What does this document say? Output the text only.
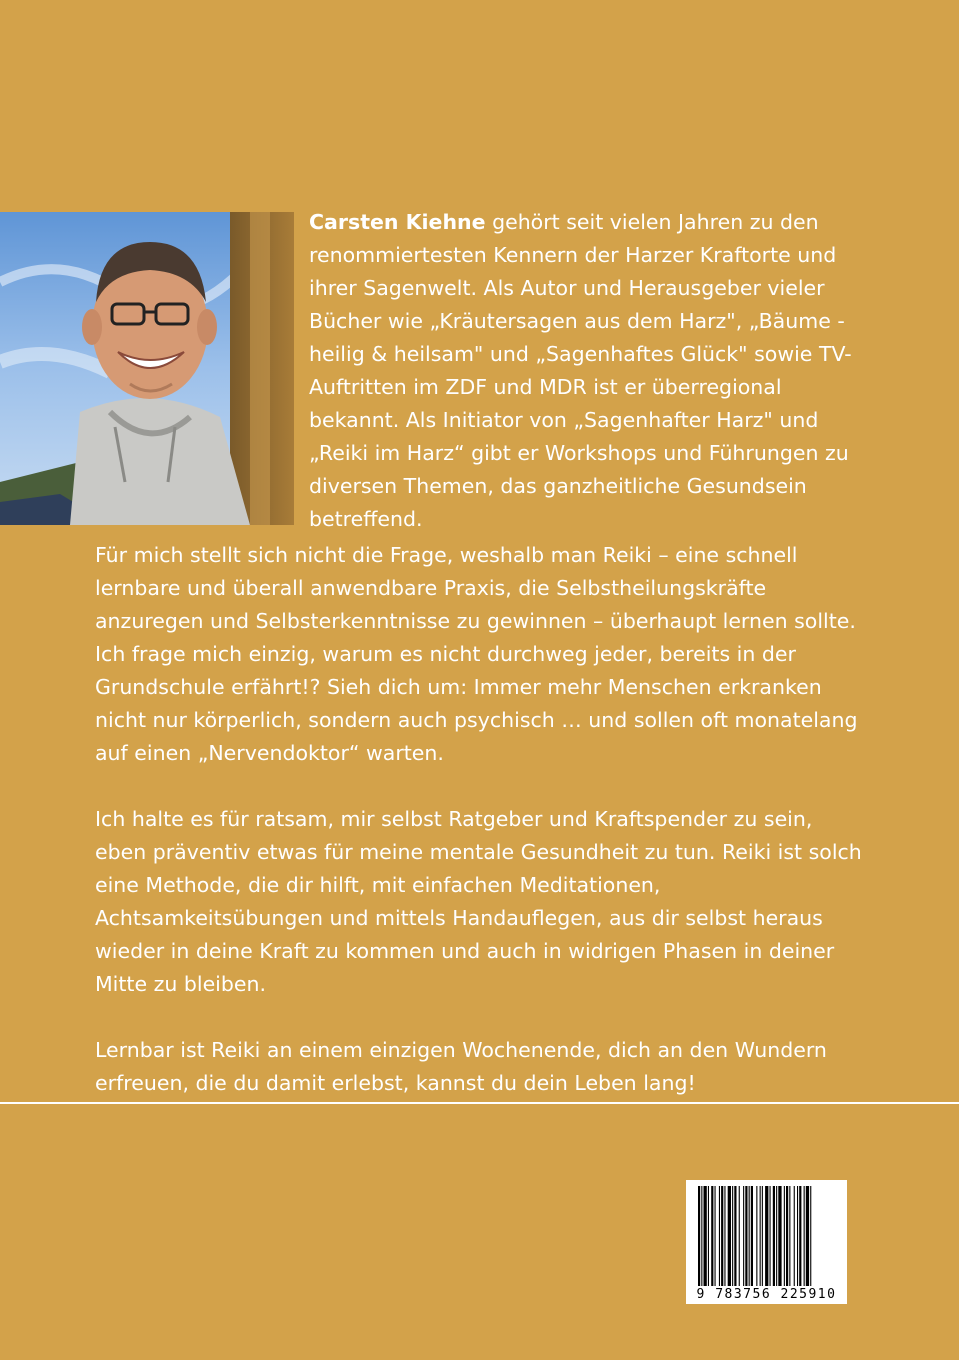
Carsten Kiehne gehört seit vielen Jahren zu den renommiertesten Kennern der Harzer Kraftorte und ihrer Sagenwelt. Als Autor und Herausgeber vieler Bücher wie „Kräutersagen aus dem Harz", „Bäume - heilig & heilsam" und „Sagenhaftes Glück" sowie TV- Auftritten im ZDF und MDR ist er überregional bekannt. Als Initiator von „Sagenhafter Harz" und „Reiki im Harz“ gibt er Workshops und Führungen zu diversen Themen, das ganzheitliche Gesundsein betreffend.

Für mich stellt sich nicht die Frage, weshalb man Reiki – eine schnell lernbare und überall anwendbare Praxis, die Selbstheilungskräfte anzuregen und Selbsterkenntnisse zu gewinnen – überhaupt lernen sollte. Ich frage mich einzig, warum es nicht durchweg jeder, bereits in der Grundschule erfährt!? Sieh dich um: Immer mehr Menschen erkranken nicht nur körperlich, sondern auch psychisch … und sollen oft monatelang auf einen „Nervendoktor“ warten.

Ich halte es für ratsam, mir selbst Ratgeber und Kraftspender zu sein, eben präventiv etwas für meine mentale Gesundheit zu tun. Reiki ist solch eine Methode, die dir hilft, mit einfachen Meditationen, Achtsamkeitsübungen und mittels Handauflegen, aus dir selbst heraus wieder in deine Kraft zu kommen und auch in widrigen Phasen in deiner Mitte zu bleiben.

Lernbar ist Reiki an einem einzigen Wochenende, dich an den Wundern erfreuen, die du damit erlebst, kannst du dein Leben lang!

9 783756 225910
